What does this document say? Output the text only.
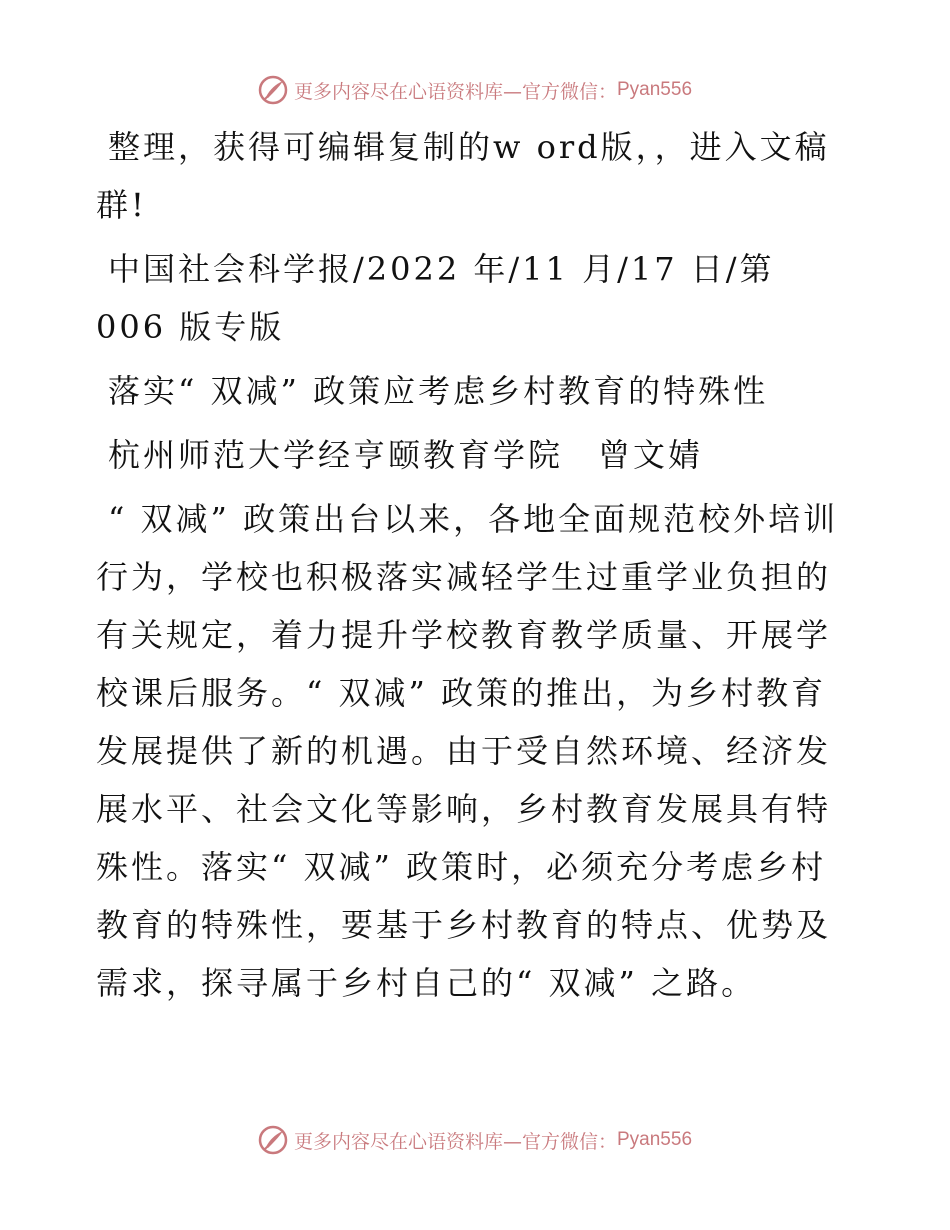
更多内容尽在心语资料库—官方微信： Pyan556

整理，获得可编辑复制的w ord版，，进入文稿群!

中国社会科学报/2022 年/11 月/17 日/第 006 版专版

落实“ 双减” 政策应考虑乡村教育的特殊性

杭州师范大学经亨颐教育学院　曾文婧

“ 双减” 政策出台以来，各地全面规范校外培训行为，学校也积极落实减轻学生过重学业负担的有关规定，着力提升学校教育教学质量、开展学校课后服务。“ 双减” 政策的推出，为乡村教育发展提供了新的机遇。由于受自然环境、经济发展水平、社会文化等影响，乡村教育发展具有特殊性。落实“ 双减” 政策时，必须充分考虑乡村教育的特殊性，要基于乡村教育的特点、优势及需求，探寻属于乡村自己的“ 双减” 之路。

更多内容尽在心语资料库—官方微信： Pyan556
